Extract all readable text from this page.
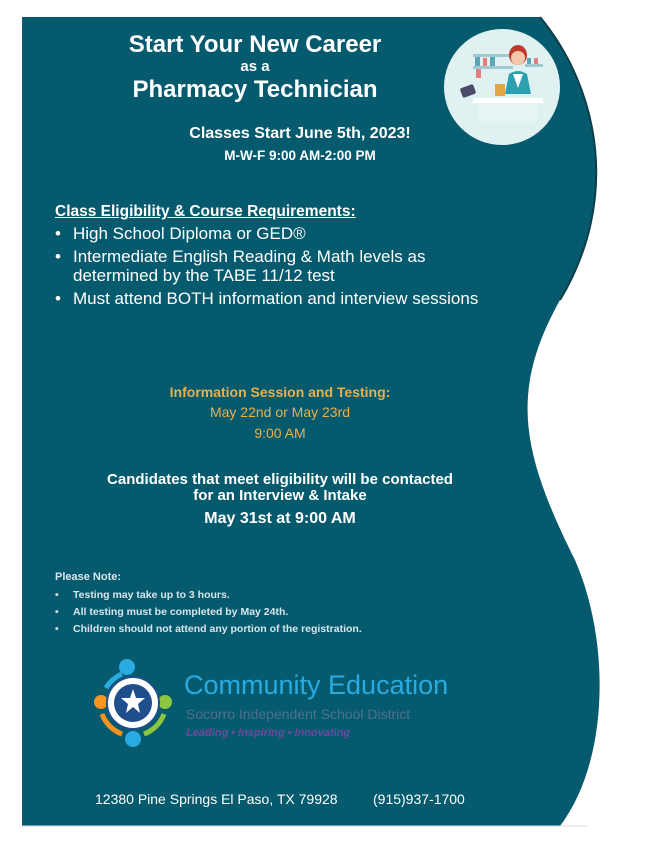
Start Your New Career
as a
Pharmacy Technician
Classes Start June 5th, 2023!
M-W-F 9:00 AM-2:00 PM
Class Eligibility & Course Requirements:
• High School Diploma or GED®
• Intermediate English Reading & Math levels as determined by the TABE 11/12 test
• Must attend BOTH information and interview sessions
Information Session and Testing:
May 22nd or May 23rd
9:00 AM
Candidates that meet eligibility will be contacted
for an Interview & Intake
May 31st at 9:00 AM
Please Note:
• Testing may take up to 3 hours.
• All testing must be completed by May 24th.
• Children should not attend any portion of the registration.
Community Education
Socorro Independent School District
Leading • Inspiring • Innovating
12380 Pine Springs El Paso, TX 79928	(915)937-1700
